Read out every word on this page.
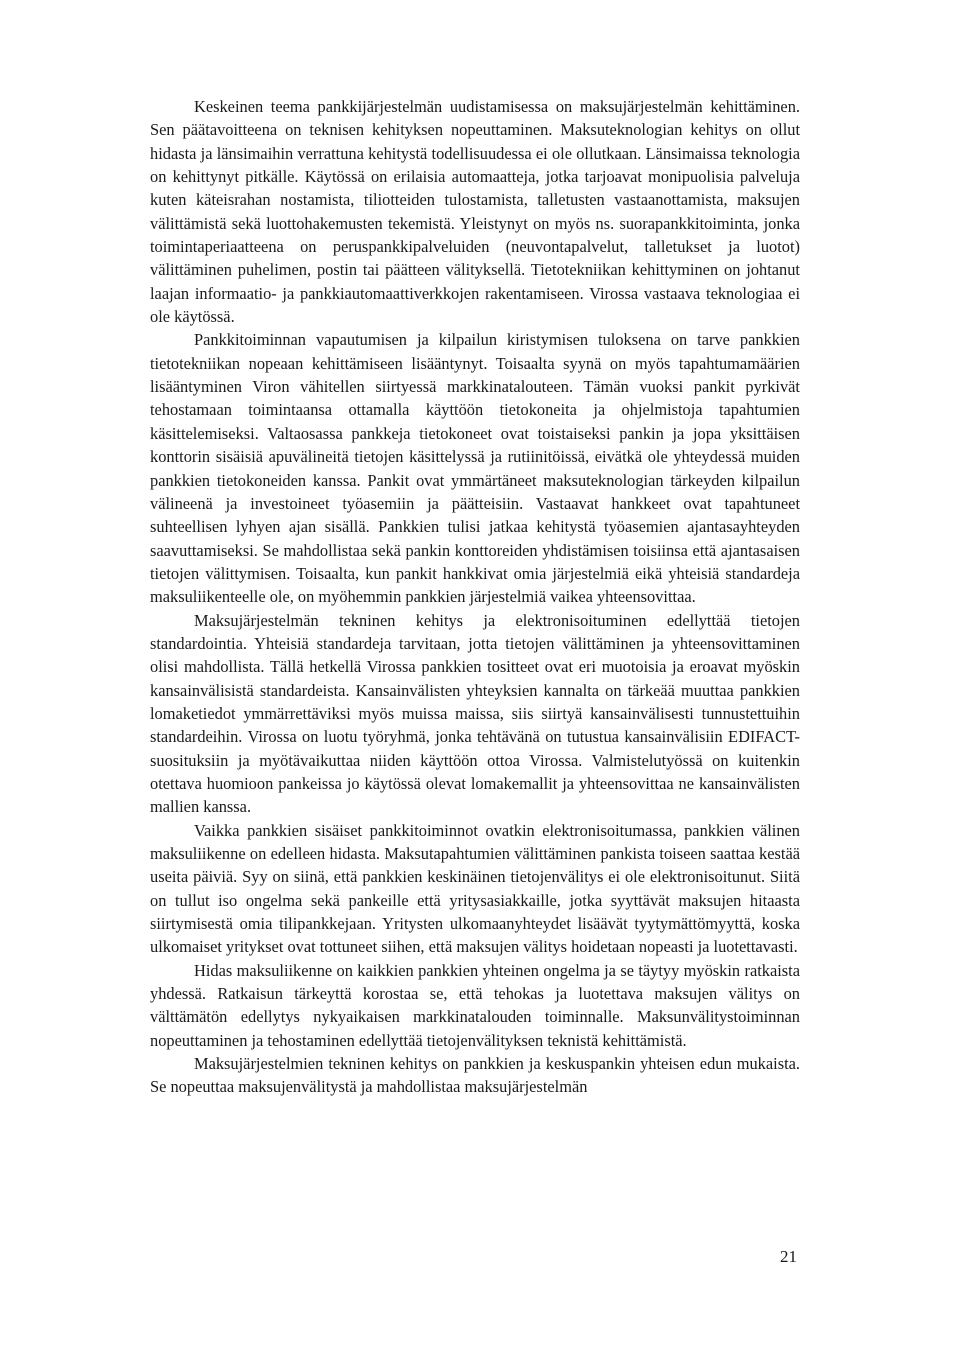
Keskeinen teema pankkijärjestelmän uudistamisessa on maksujärjestelmän kehittäminen. Sen päätavoitteena on teknisen kehityksen nopeuttaminen. Maksuteknologian kehitys on ollut hidasta ja länsimaihin verrattuna kehitystä todellisuudessa ei ole ollutkaan. Länsimaissa teknologia on kehittynyt pitkälle. Käytössä on erilaisia automaatteja, jotka tarjoavat monipuolisia palveluja kuten käteisrahan nostamista, tiliotteiden tulostamista, talletusten vastaanottamista, maksujen välittämistä sekä luottohakemusten tekemistä. Yleistynyt on myös ns. suorapankkitoiminta, jonka toimintaperiaatteena on peruspankkipalveluiden (neuvontapalvelut, talletukset ja luotot) välittäminen puhelimen, postin tai päätteen välityksellä. Tietotekniikan kehittyminen on johtanut laajan informaatio- ja pankkiautomaattiverkkojen rakentamiseen. Virossa vastaava teknologiaa ei ole käytössä.

Pankkitoiminnan vapautumisen ja kilpailun kiristymisen tuloksena on tarve pankkien tietotekniikan nopeaan kehittämiseen lisääntynyt. Toisaalta syynä on myös tapahtumamäärien lisääntyminen Viron vähitellen siirtyessä markkinatalouteen. Tämän vuoksi pankit pyrkivät tehostamaan toimintaansa ottamalla käyttöön tietokoneita ja ohjelmistoja tapahtumien käsittelemiseksi. Valtaosassa pankkeja tietokoneet ovat toistaiseksi pankin ja jopa yksittäisen konttorin sisäisiä apuvälineitä tietojen käsittelyssä ja rutiinitöissä, eivätkä ole yhteydessä muiden pankkien tietokoneiden kanssa. Pankit ovat ymmärtäneet maksuteknologian tärkeyden kilpailun välineenä ja investoineet työasemiin ja päätteisiin. Vastaavat hankkeet ovat tapahtuneet suhteellisen lyhyen ajan sisällä. Pankkien tulisi jatkaa kehitystä työasemien ajantasayhteyden saavuttamiseksi. Se mahdollistaa sekä pankin konttoreiden yhdistämisen toisiinsa että ajantasaisen tietojen välittymisen. Toisaalta, kun pankit hankkivat omia järjestelmiä eikä yhteisiä standardeja maksuliikenteelle ole, on myöhemmin pankkien järjestelmiä vaikea yhteensovittaa.

Maksujärjestelmän tekninen kehitys ja elektronisoituminen edellyttää tietojen standardointia. Yhteisiä standardeja tarvitaan, jotta tietojen välittäminen ja yhteensovittaminen olisi mahdollista. Tällä hetkellä Virossa pankkien tositteet ovat eri muotoisia ja eroavat myöskin kansainvälisistä standardeista. Kansainvälisten yhteyksien kannalta on tärkeää muuttaa pankkien lomaketiedot ymmärrettäviksi myös muissa maissa, siis siirtyä kansainvälisesti tunnustettuihin standardeihin. Virossa on luotu työryhmä, jonka tehtävänä on tutustua kansainvälisiin EDIFACT-suosituksiin ja myötävaikuttaa niiden käyttöön ottoa Virossa. Valmistelutyössä on kuitenkin otettava huomioon pankeissa jo käytössä olevat lomakemallit ja yhteensovittaa ne kansainvälisten mallien kanssa.

Vaikka pankkien sisäiset pankkitoiminnot ovatkin elektronisoitumassa, pankkien välinen maksuliikenne on edelleen hidasta. Maksutapahtumien välittäminen pankista toiseen saattaa kestää useita päiviä. Syy on siinä, että pankkien keskinäinen tietojenvälitys ei ole elektronisoitunut. Siitä on tullut iso ongelma sekä pankeille että yritysasiakkaille, jotka syyttävät maksujen hitaasta siirtymisestä omia tilipankkejaan. Yritysten ulkomaanyhteydet lisäävät tyytymättömyyttä, koska ulkomaiset yritykset ovat tottuneet siihen, että maksujen välitys hoidetaan nopeasti ja luotettavasti.

Hidas maksuliikenne on kaikkien pankkien yhteinen ongelma ja se täytyy myöskin ratkaista yhdessä. Ratkaisun tärkeyttä korostaa se, että tehokas ja luotettava maksujen välitys on välttämätön edellytys nykyaikaisen markkinatalouden toiminnalle. Maksunvälitystoiminnan nopeuttaminen ja tehostaminen edellyttää tietojenvälityksen teknistä kehittämistä.

Maksujärjestelmien tekninen kehitys on pankkien ja keskuspankin yhteisen edun mukaista. Se nopeuttaa maksujenvälitystä ja mahdollistaa maksujärjestelmän

21
